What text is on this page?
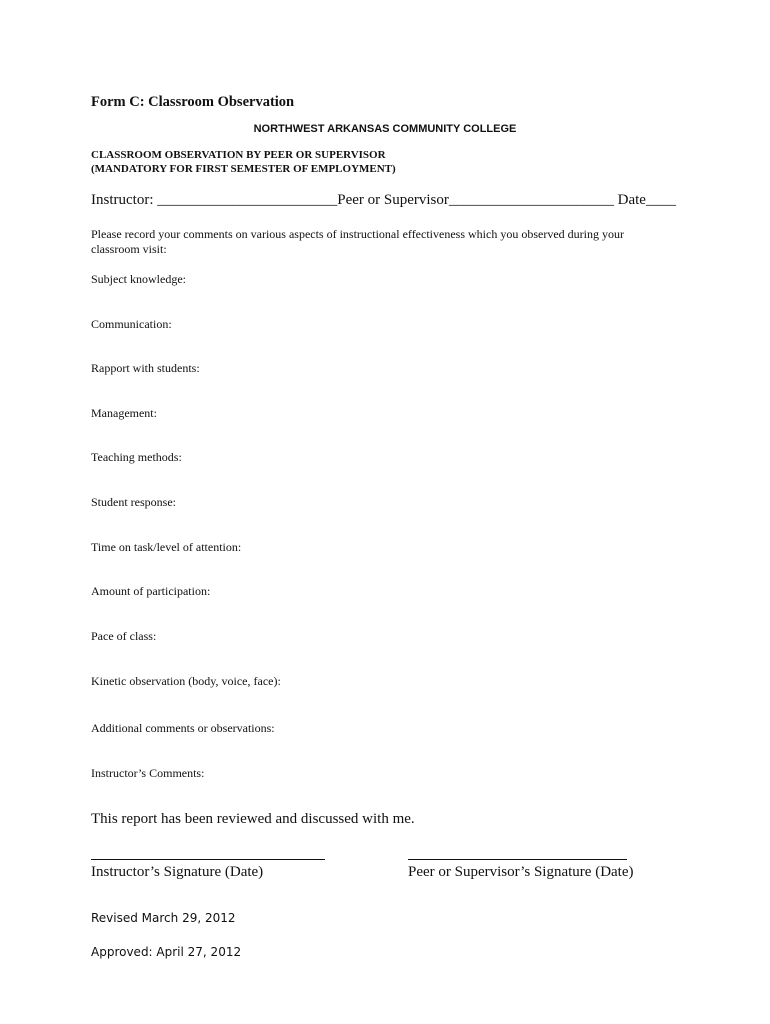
Form C: Classroom Observation
NORTHWEST ARKANSAS COMMUNITY COLLEGE
CLASSROOM OBSERVATION BY PEER OR SUPERVISOR
(MANDATORY FOR FIRST SEMESTER OF EMPLOYMENT)
Instructor: ________________________Peer or Supervisor______________________ Date____
Please record your comments on various aspects of instructional effectiveness which you observed during your classroom visit:
Subject knowledge:
Communication:
Rapport with students:
Management:
Teaching methods:
Student response:
Time on task/level of attention:
Amount of participation:
Pace of class:
Kinetic observation (body, voice, face):
Additional comments or observations:
Instructor’s Comments:
This report has been reviewed and discussed with me.
Instructor’s Signature (Date)	Peer or Supervisor’s Signature (Date)
Revised March 29, 2012
Approved: April 27, 2012
